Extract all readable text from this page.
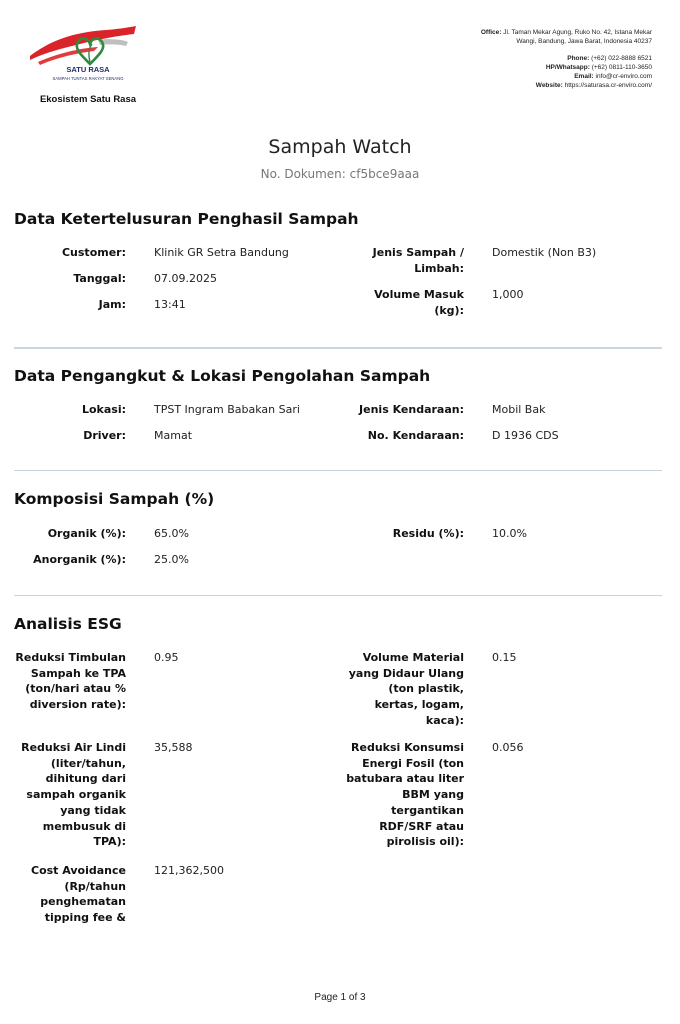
SATU RASA
SAMPAH TUNTAS RAKYAT SENANG
Ekosistem Satu Rasa
Office: Jl. Taman Mekar Agung, Ruko No. 42, Istana Mekar
Wangi, Bandung, Jawa Barat, Indonesia 40237
Phone: (+62) 022-8888 6521
HP/Whatsapp: (+62) 0811-110-3650
Email: info@cr-enviro.com
Website: https://saturasa.cr-enviro.com/
Sampah Watch
No. Dokumen: cf5bce9aaa
Data Ketertelusuran Penghasil Sampah
Customer:	Klinik GR Setra Bandung
Tanggal:	07.09.2025
Jam:	13:41
Jenis Sampah / Limbah:
Domestik (Non B3)
Volume Masuk (kg):
1,000
Data Pengangkut & Lokasi Pengolahan Sampah
Lokasi:	TPST Ingram Babakan Sari
Driver:	Mamat
Jenis Kendaraan:	Mobil Bak
No. Kendaraan:	D 1936 CDS
Komposisi Sampah (%)
Organik (%):	65.0%
Anorganik (%):	25.0%
Residu (%):	10.0%
Analisis ESG
Reduksi Timbulan Sampah ke TPA (ton/hari atau % diversion rate):
0.95
Reduksi Air Lindi (liter/tahun, dihitung dari sampah organik yang tidak membusuk di TPA):
35,588
Cost Avoidance (Rp/tahun penghematan tipping fee &
121,362,500
Volume Material yang Didaur Ulang (ton plastik, kertas, logam, kaca):
0.15
Reduksi Konsumsi Energi Fosil (ton batubara atau liter BBM yang tergantikan RDF/SRF atau pirolisis oil):
0.056
Page 1 of 3
